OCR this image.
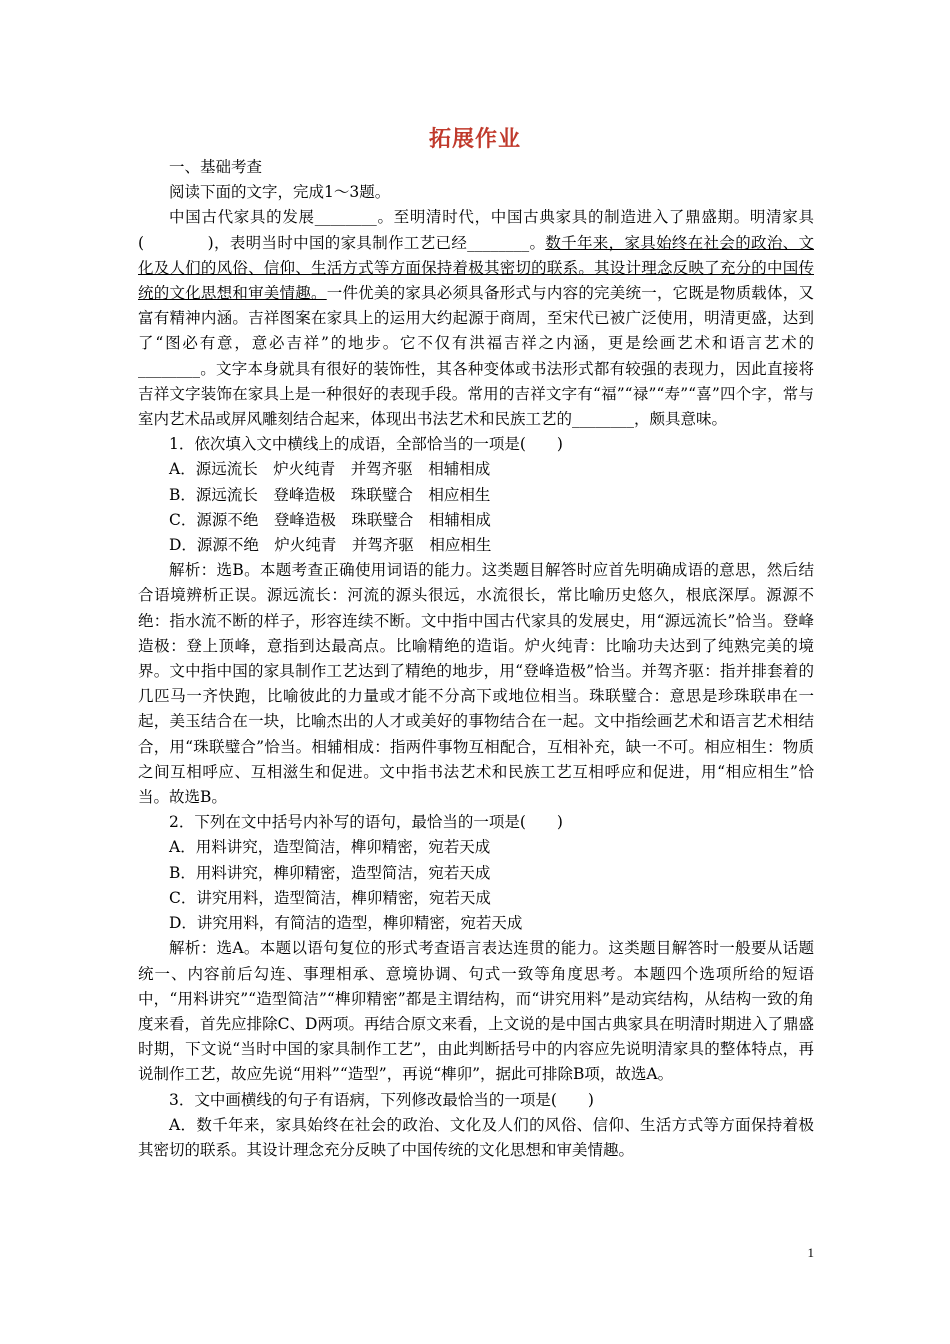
拓展作业

一、基础考查

阅读下面的文字，完成1～3题。

中国古代家具的发展________。至明清时代，中国古典家具的制造进入了鼎盛期。明清家具(　　　　)，表明当时中国的家具制作工艺已经________。数千年来，家具始终在社会的政治、文化及人们的风俗、信仰、生活方式等方面保持着极其密切的联系。其设计理念反映了充分的中国传统的文化思想和审美情趣。一件优美的家具必须具备形式与内容的完美统一，它既是物质载体，又富有精神内涵。吉祥图案在家具上的运用大约起源于商周，至宋代已被广泛使用，明清更盛，达到了“图必有意，意必吉祥”的地步。它不仅有洪福吉祥之内涵，更是绘画艺术和语言艺术的________。文字本身就具有很好的装饰性，其各种变体或书法形式都有较强的表现力，因此直接将吉祥文字装饰在家具上是一种很好的表现手段。常用的吉祥文字有“福”“禄”“寿”“喜”四个字，常与室内艺术品或屏风雕刻结合起来，体现出书法艺术和民族工艺的________，颇具意味。

1．依次填入文中横线上的成语，全部恰当的一项是(　　)

A．源远流长　炉火纯青　并驾齐驱　相辅相成

B．源远流长　登峰造极　珠联璧合　相应相生

C．源源不绝　登峰造极　珠联璧合　相辅相成

D．源源不绝　炉火纯青　并驾齐驱　相应相生

解析：选B。本题考查正确使用词语的能力。这类题目解答时应首先明确成语的意思，然后结合语境辨析正误。源远流长：河流的源头很远，水流很长，常比喻历史悠久，根底深厚。源源不绝：指水流不断的样子，形容连续不断。文中指中国古代家具的发展史，用“源远流长”恰当。登峰造极：登上顶峰，意指到达最高点。比喻精绝的造诣。炉火纯青：比喻功夫达到了纯熟完美的境界。文中指中国的家具制作工艺达到了精绝的地步，用“登峰造极”恰当。并驾齐驱：指并排套着的几匹马一齐快跑，比喻彼此的力量或才能不分高下或地位相当。珠联璧合：意思是珍珠联串在一起，美玉结合在一块，比喻杰出的人才或美好的事物结合在一起。文中指绘画艺术和语言艺术相结合，用“珠联璧合”恰当。相辅相成：指两件事物互相配合，互相补充，缺一不可。相应相生：物质之间互相呼应、互相滋生和促进。文中指书法艺术和民族工艺互相呼应和促进，用“相应相生”恰当。故选B。

2．下列在文中括号内补写的语句，最恰当的一项是(　　)

A．用料讲究，造型简洁，榫卯精密，宛若天成

B．用料讲究，榫卯精密，造型简洁，宛若天成

C．讲究用料，造型简洁，榫卯精密，宛若天成

D．讲究用料，有简洁的造型，榫卯精密，宛若天成

解析：选A。本题以语句复位的形式考查语言表达连贯的能力。这类题目解答时一般要从话题统一、内容前后勾连、事理相承、意境协调、句式一致等角度思考。本题四个选项所给的短语中，“用料讲究”“造型简洁”“榫卯精密”都是主谓结构，而“讲究用料”是动宾结构，从结构一致的角度来看，首先应排除C、D两项。再结合原文来看，上文说的是中国古典家具在明清时期进入了鼎盛时期，下文说“当时中国的家具制作工艺”，由此判断括号中的内容应先说明清家具的整体特点，再说制作工艺，故应先说“用料”“造型”，再说“榫卯”，据此可排除B项，故选A。

3．文中画横线的句子有语病，下列修改最恰当的一项是(　　)

A．数千年来，家具始终在社会的政治、文化及人们的风俗、信仰、生活方式等方面保持着极其密切的联系。其设计理念充分反映了中国传统的文化思想和审美情趣。

1
